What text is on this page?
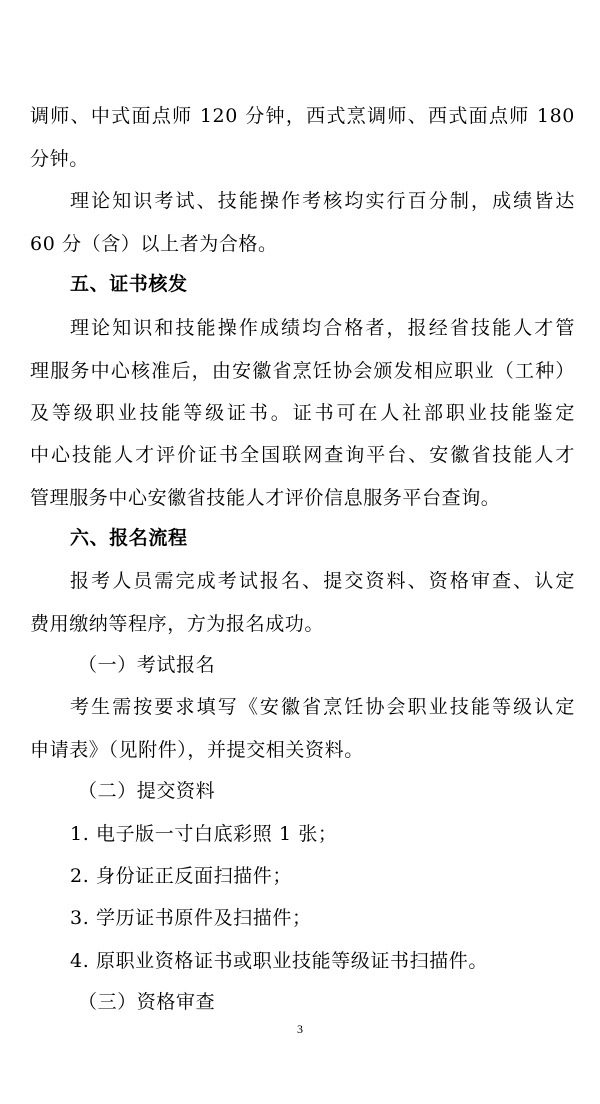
调师、中式面点师 120 分钟，西式烹调师、西式面点师 180
分钟。
理论知识考试、技能操作考核均实行百分制，成绩皆达
60 分（含）以上者为合格。
五、证书核发
理论知识和技能操作成绩均合格者，报经省技能人才管
理服务中心核准后，由安徽省烹饪协会颁发相应职业（工种）
及等级职业技能等级证书。证书可在人社部职业技能鉴定
中心技能人才评价证书全国联网查询平台、安徽省技能人才
管理服务中心安徽省技能人才评价信息服务平台查询。
六、报名流程
报考人员需完成考试报名、提交资料、资格审查、认定
费用缴纳等程序，方为报名成功。
（一）考试报名
考生需按要求填写《安徽省烹饪协会职业技能等级认定
申请表》（见附件），并提交相关资料。
（二）提交资料
1. 电子版一寸白底彩照 1 张；
2. 身份证正反面扫描件；
3. 学历证书原件及扫描件；
4. 原职业资格证书或职业技能等级证书扫描件。
（三）资格审查
3
